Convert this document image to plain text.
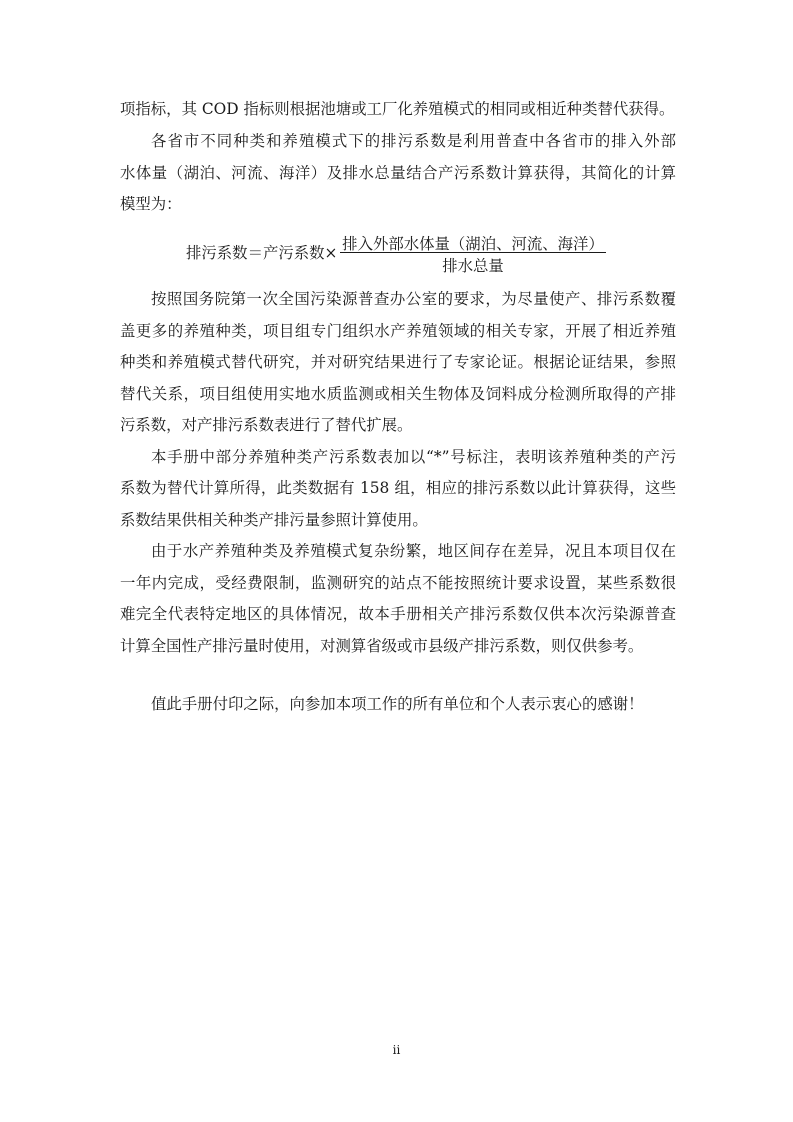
项指标，其 COD 指标则根据池塘或工厂化养殖模式的相同或相近种类替代获得。
各省市不同种类和养殖模式下的排污系数是利用普查中各省市的排入外部
水体量（湖泊、河流、海洋）及排水总量结合产污系数计算获得，其简化的计算
模型为：
按照国务院第一次全国污染源普查办公室的要求，为尽量使产、排污系数覆
盖更多的养殖种类，项目组专门组织水产养殖领域的相关专家，开展了相近养殖
种类和养殖模式替代研究，并对研究结果进行了专家论证。根据论证结果，参照
替代关系，项目组使用实地水质监测或相关生物体及饲料成分检测所取得的产排
污系数，对产排污系数表进行了替代扩展。
本手册中部分养殖种类产污系数表加以“*”号标注，表明该养殖种类的产污
系数为替代计算所得，此类数据有 158 组，相应的排污系数以此计算获得，这些
系数结果供相关种类产排污量参照计算使用。
由于水产养殖种类及养殖模式复杂纷繁，地区间存在差异，况且本项目仅在
一年内完成，受经费限制，监测研究的站点不能按照统计要求设置，某些系数很
难完全代表特定地区的具体情况，故本手册相关产排污系数仅供本次污染源普查
计算全国性产排污量时使用，对测算省级或市县级产排污系数，则仅供参考。
值此手册付印之际，向参加本项工作的所有单位和个人表示衷心的感谢！
排污系数＝产污系数× 排入外部水体量（湖泊、河流、海洋）
排水总量
ii
